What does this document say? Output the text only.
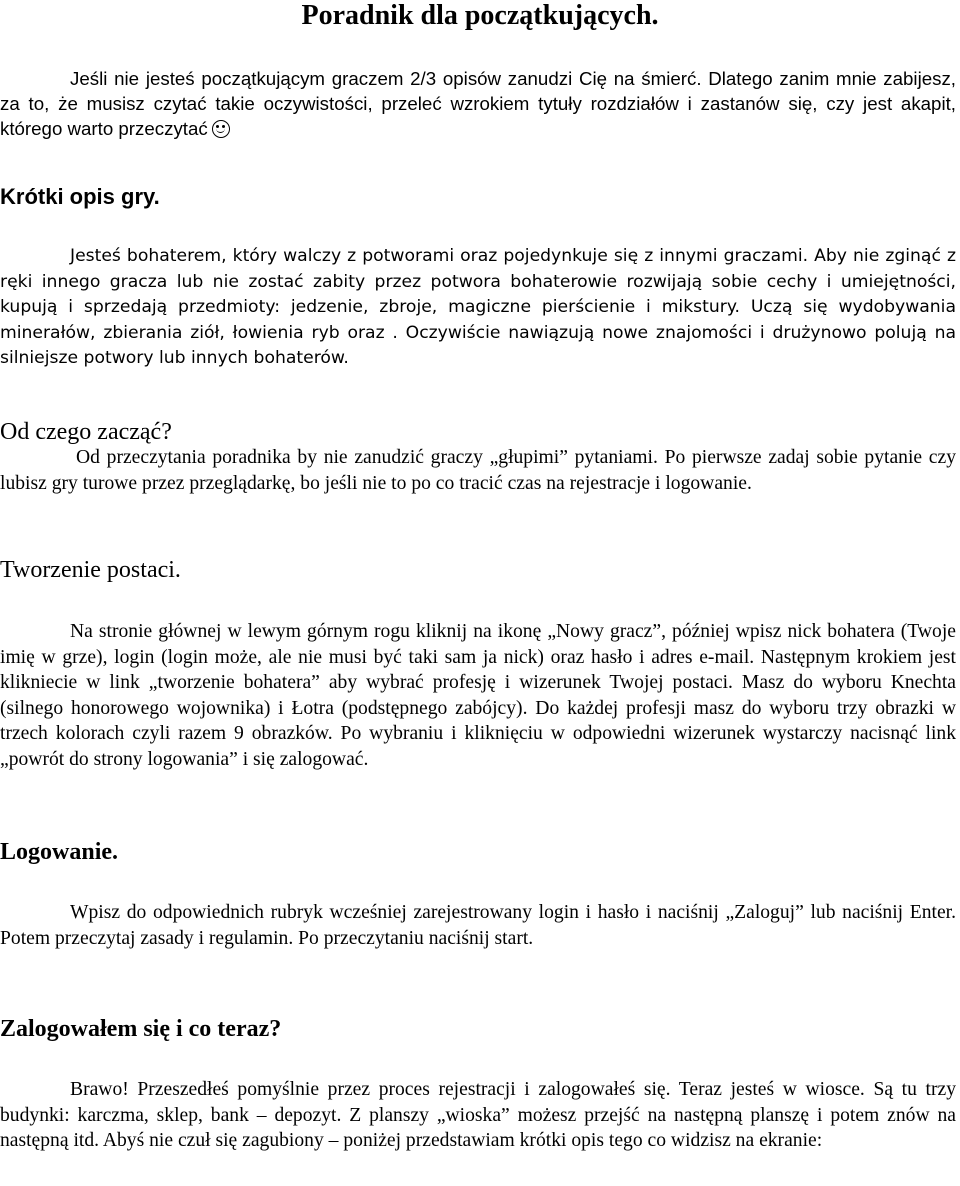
Poradnik dla początkujących.
Jeśli nie jesteś początkującym graczem 2/3 opisów zanudzi Cię na śmierć. Dlatego zanim mnie zabijesz, za to, że musisz czytać takie oczywistości, przeleć wzrokiem tytuły rozdziałów i zastanów się, czy jest akapit, którego warto przeczytać
Krótki opis gry.
Jesteś bohaterem, który walczy z potworami oraz pojedynkuje się z innymi graczami. Aby nie zginąć z ręki innego gracza lub nie zostać zabity przez potwora bohaterowie rozwijają sobie cechy i umiejętności, kupują i sprzedają przedmioty: jedzenie, zbroje, magiczne pierścienie i mikstury. Uczą się wydobywania minerałów, zbierania ziół, łowienia ryb oraz . Oczywiście nawiązują nowe znajomości i drużynowo polują na silniejsze potwory lub innych bohaterów.
Od czego zacząć?
Od przeczytania poradnika by nie zanudzić graczy „głupimi” pytaniami. Po pierwsze zadaj sobie pytanie czy lubisz gry turowe przez przeglądarkę, bo jeśli nie to po co tracić czas na rejestracje i logowanie.
Tworzenie postaci.
Na stronie głównej w lewym górnym rogu kliknij na ikonę „Nowy gracz”, później wpisz nick bohatera (Twoje imię w grze), login (login może, ale nie musi być taki sam ja nick) oraz hasło i adres e-mail. Następnym krokiem jest klikniecie w link „tworzenie bohatera” aby wybrać profesję i wizerunek Twojej postaci. Masz do wyboru Knechta (silnego honorowego wojownika) i Łotra (podstępnego zabójcy). Do każdej profesji masz do wyboru trzy obrazki w trzech kolorach czyli razem 9 obrazków. Po wybraniu i kliknięciu w odpowiedni wizerunek wystarczy nacisnąć link „powrót do strony logowania” i się zalogować.
Logowanie.
Wpisz do odpowiednich rubryk wcześniej zarejestrowany login i hasło i naciśnij „Zaloguj” lub naciśnij Enter. Potem przeczytaj zasady i regulamin. Po przeczytaniu naciśnij start.
Zalogowałem się i co teraz?
Brawo! Przeszedłeś pomyślnie przez proces rejestracji i zalogowałeś się. Teraz jesteś w wiosce. Są tu trzy budynki: karczma, sklep, bank – depozyt. Z planszy „wioska” możesz przejść na następną planszę i potem znów na następną itd. Abyś nie czuł się zagubiony – poniżej przedstawiam krótki opis tego co widzisz na ekranie:
